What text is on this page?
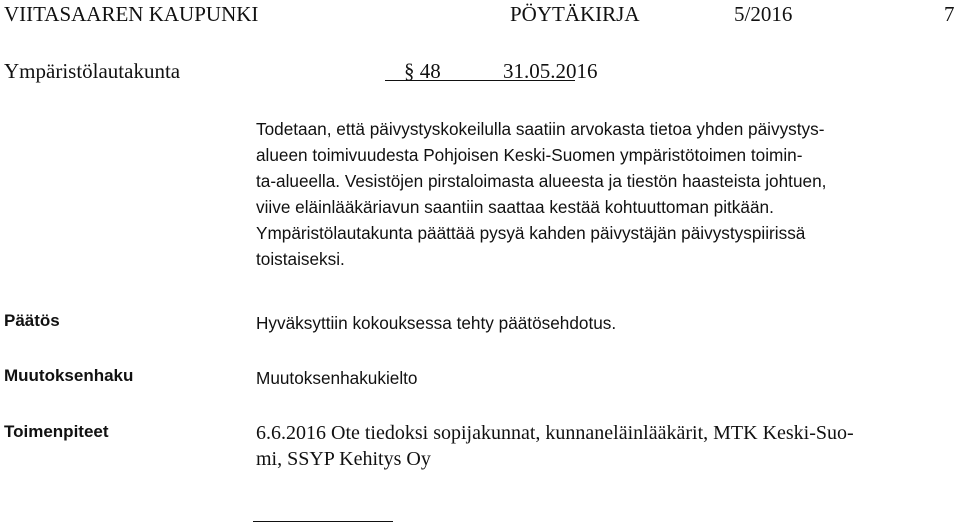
VIITASAAREN KAUPUNKI	PÖYTÄKIRJA	5/2016	7
Ympäristölautakunta	§ 48	31.05.2016
Todetaan, että päivystyskokeilulla saatiin arvokasta tietoa yhden päivystys-
alueen toimivuudesta Pohjoisen Keski-Suomen ympäristötoimen toimin-
ta-alueella. Vesistöjen pirstaloimasta alueesta ja tiestön haasteista johtuen,
viive eläinlääkäriavun saantiin saattaa kestää kohtuuttoman pitkään.
Ympäristölautakunta päättää pysyä kahden päivystäjän päivystyspiirissä
toistaiseksi.
Päätös	Hyväksyttiin kokouksessa tehty päätösehdotus.
Muutoksenhaku	Muutoksenhakukielto
Toimenpiteet	6.6.2016 Ote tiedoksi sopijakunnat, kunnaneläinlääkärit, MTK Keski-Suo-
mi, SSYP Kehitys Oy
